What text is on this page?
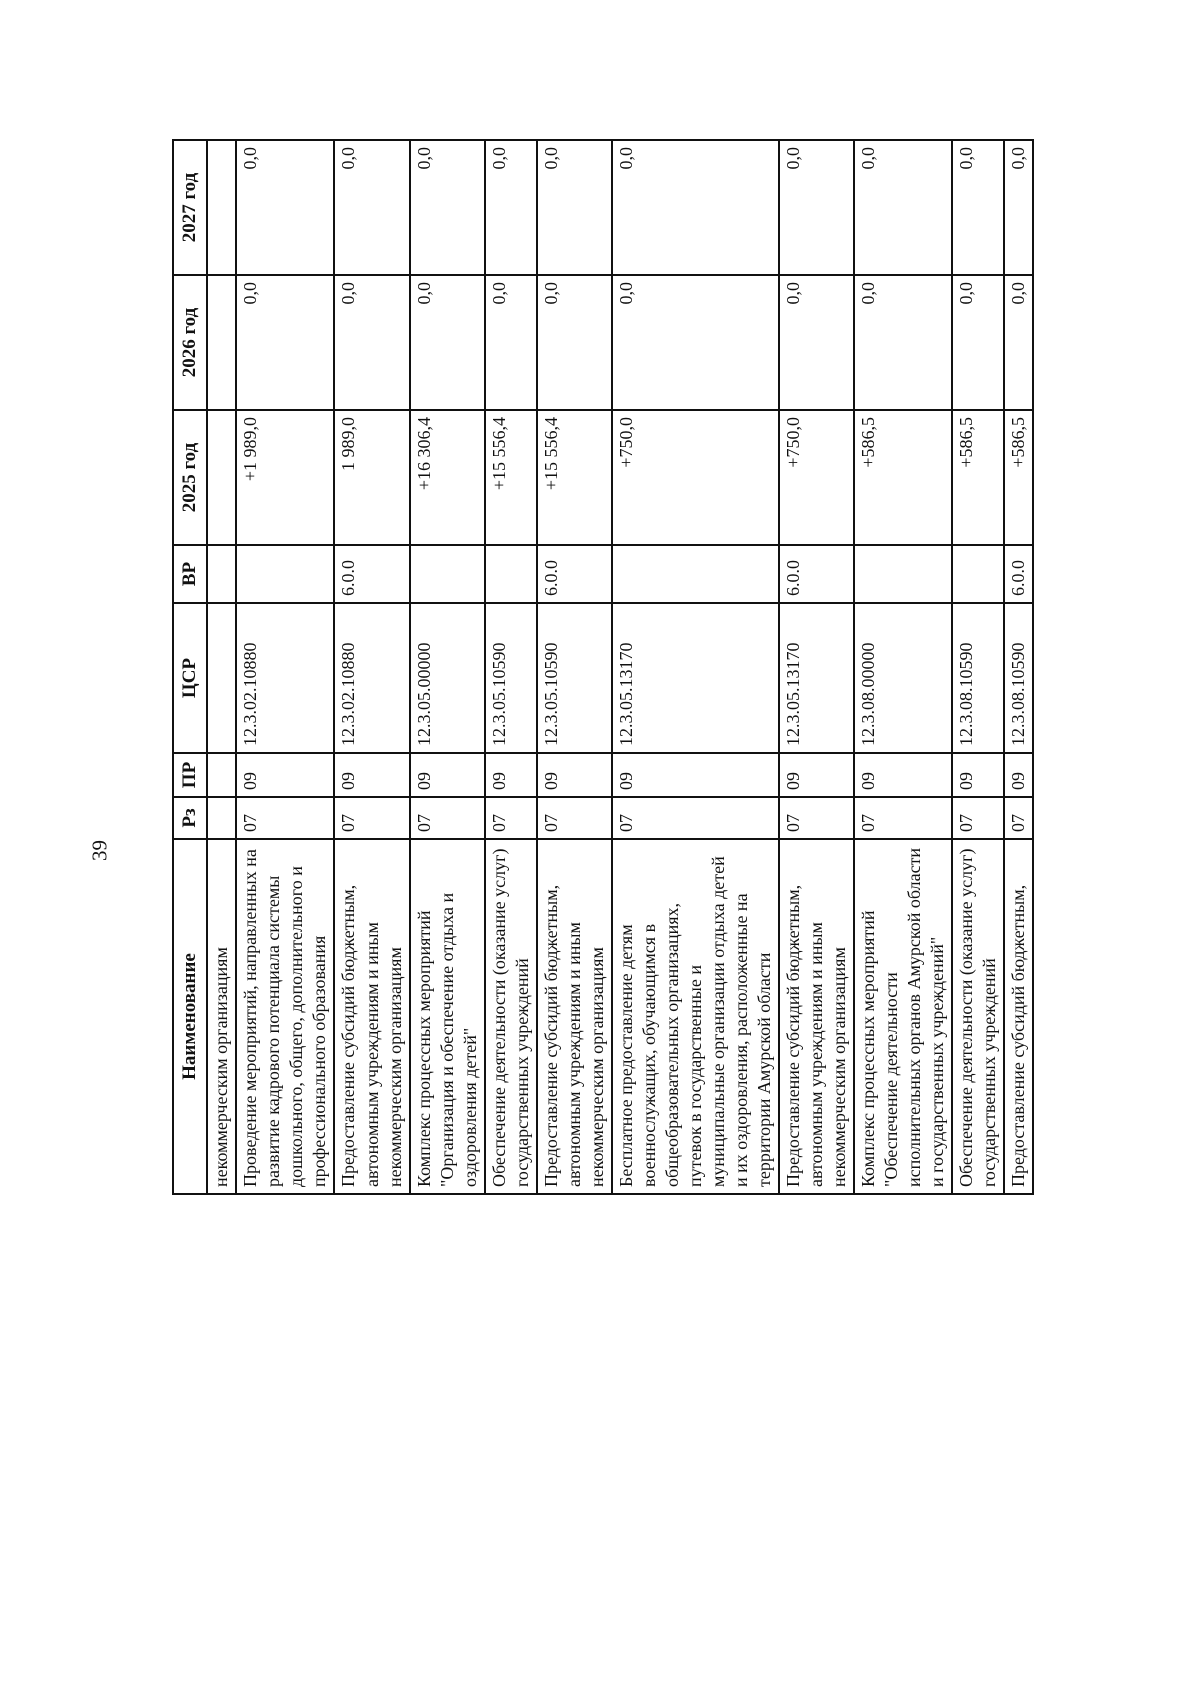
39
Наименование	Рз	ПР	ЦСР	ВР	2025 год	2026 год	2027 год
некоммерческим организациям							
Проведение мероприятий, направленных на развитие кадрового потенциала системы дошкольного, общего, дополнительного и профессионального образования	07	09	12.3.02.10880		+1 989,0	0,0	0,0
Предоставление субсидий бюджетным, автономным учреждениям и иным некоммерческим организациям	07	09	12.3.02.10880	6.0.0	1 989,0	0,0	0,0
Комплекс процессных мероприятий "Организация и обеспечение отдыха и оздоровления детей"	07	09	12.3.05.00000		+16 306,4	0,0	0,0
Обеспечение деятельности (оказание услуг) государственных учреждений	07	09	12.3.05.10590		+15 556,4	0,0	0,0
Предоставление субсидий бюджетным, автономным учреждениям и иным некоммерческим организациям	07	09	12.3.05.10590	6.0.0	+15 556,4	0,0	0,0
Бесплатное предоставление детям военнослужащих, обучающимся в общеобразовательных организациях, путевок в государственные и муниципальные организации отдыха детей и их оздоровления, расположенные на территории Амурской области	07	09	12.3.05.13170		+750,0	0,0	0,0
Предоставление субсидий бюджетным, автономным учреждениям и иным некоммерческим организациям	07	09	12.3.05.13170	6.0.0	+750,0	0,0	0,0
Комплекс процессных мероприятий "Обеспечение деятельности исполнительных органов Амурской области и государственных учреждений"	07	09	12.3.08.00000		+586,5	0,0	0,0
Обеспечение деятельности (оказание услуг) государственных учреждений	07	09	12.3.08.10590		+586,5	0,0	0,0
Предоставление субсидий бюджетным,	07	09	12.3.08.10590	6.0.0	+586,5	0,0	0,0
